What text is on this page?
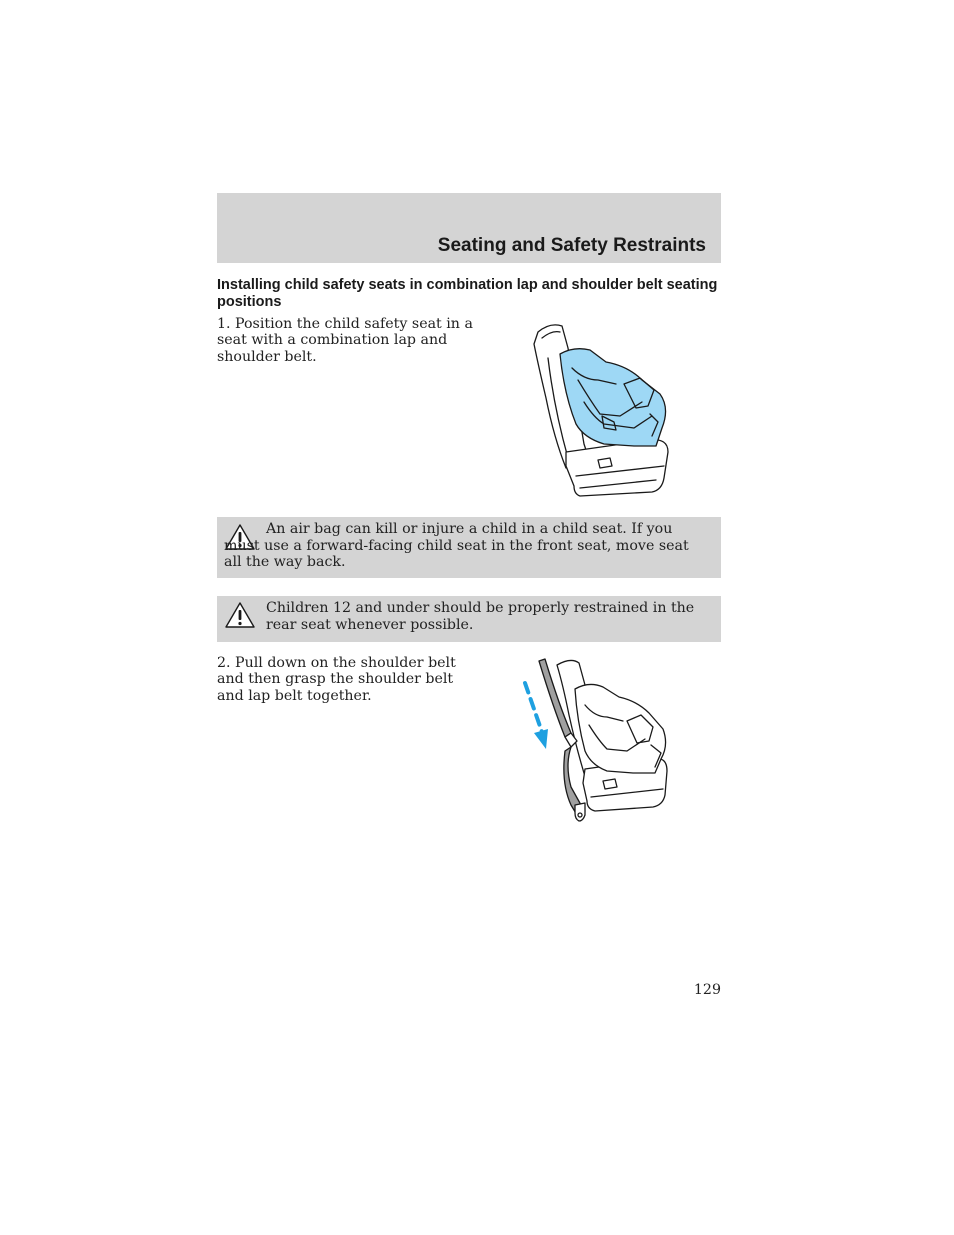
Seating and Safety Restraints
Installing child safety seats in combination lap and shoulder belt seating positions
1. Position the child safety seat in a seat with a combination lap and shoulder belt.
An air bag can kill or injure a child in a child seat. If you must use a forward-facing child seat in the front seat, move seat all the way back.
Children 12 and under should be properly restrained in the rear seat whenever possible.
2. Pull down on the shoulder belt and then grasp the shoulder belt and lap belt together.
129
